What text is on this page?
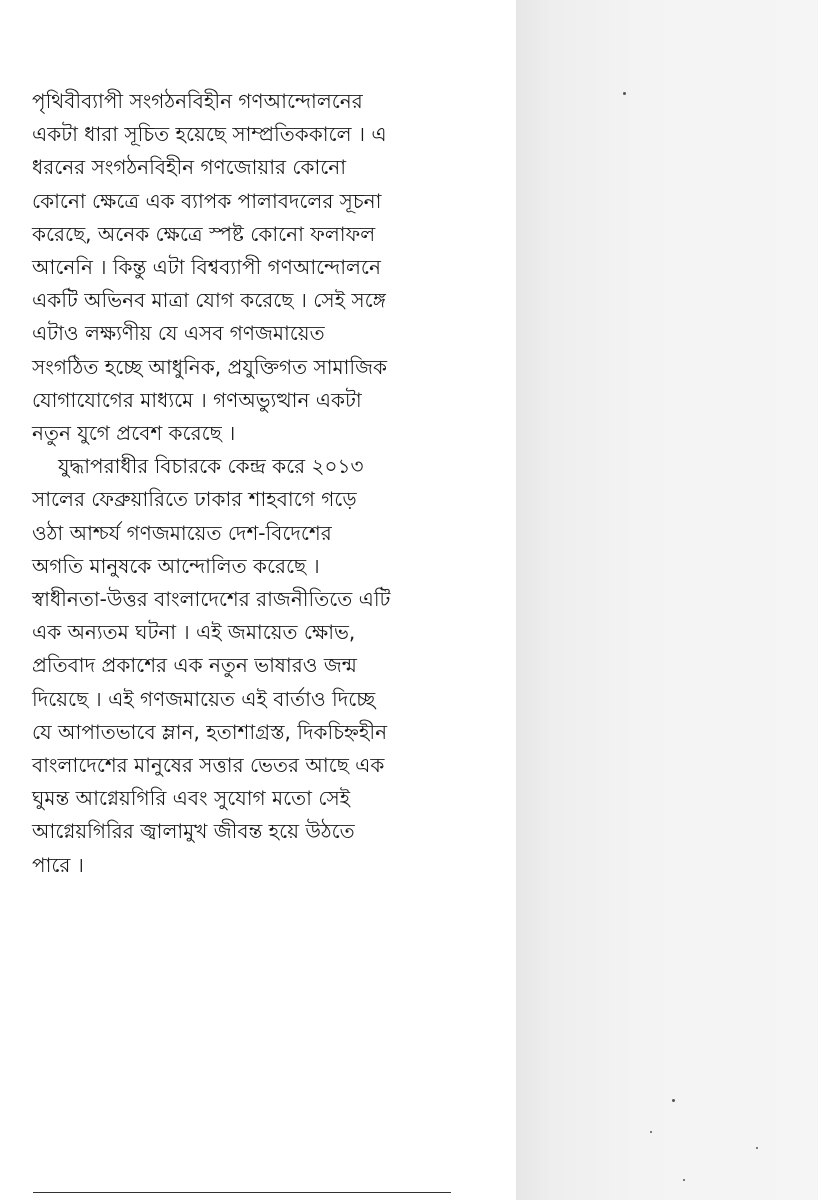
পৃথিবীব্যাপী সংগঠনবিহীন গণআন্দোলনের
একটা ধারা সূচিত হয়েছে সাম্প্রতিককালে । এ
ধরনের সংগঠনবিহীন গণজোয়ার কোনো
কোনো ক্ষেত্রে এক ব্যাপক পালাবদলের সূচনা
করেছে, অনেক ক্ষেত্রে স্পষ্ট কোনো ফলাফল
আনেনি । কিন্তু এটা বিশ্বব্যাপী গণআন্দোলনে
একটি অভিনব মাত্রা যোগ করেছে । সেই সঙ্গে
এটাও লক্ষ্যণীয় যে এসব গণজমায়েত
সংগঠিত হচ্ছে আধুনিক, প্রযুক্তিগত সামাজিক
যোগাযোগের মাধ্যমে । গণঅভ্যুত্থান একটা
নতুন যুগে প্রবেশ করেছে ।
যুদ্ধাপরাধীর বিচারকে কেন্দ্র করে ২০১৩
সালের ফেব্রুয়ারিতে ঢাকার শাহবাগে গড়ে
ওঠা আশ্চর্য গণজমায়েত দেশ-বিদেশের
অগতি মানুষকে আন্দোলিত করেছে ।
স্বাধীনতা-উত্তর বাংলাদেশের রাজনীতিতে এটি
এক অন্যতম ঘটনা । এই জমায়েত ক্ষোভ,
প্রতিবাদ প্রকাশের এক নতুন ভাষারও জন্ম
দিয়েছে । এই গণজমায়েত এই বার্তাও দিচ্ছে
যে আপাতভাবে ম্লান, হতাশাগ্রস্ত, দিকচিহ্নহীন
বাংলাদেশের মানুষের সত্তার ভেতর আছে এক
ঘুমন্ত আগ্নেয়গিরি এবং সুযোগ মতো সেই
আগ্নেয়গিরির জ্বালামুখ জীবন্ত হয়ে উঠতে
পারে ।
